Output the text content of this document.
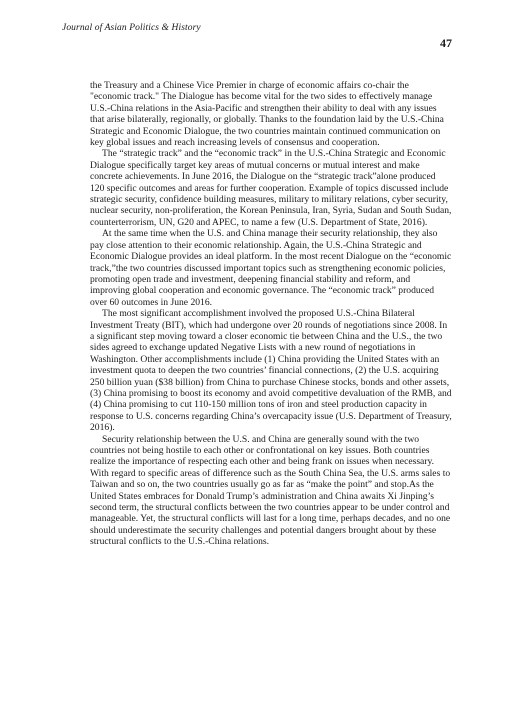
Journal of Asian Politics & History
47

the Treasury and a Chinese Vice Premier in charge of economic affairs co-chair the "economic track." The Dialogue has become vital for the two sides to effectively manage U.S.-China relations in the Asia-Pacific and strengthen their ability to deal with any issues that arise bilaterally, regionally, or globally. Thanks to the foundation laid by the U.S.-China Strategic and Economic Dialogue, the two countries maintain continued communication on key global issues and reach increasing levels of consensus and cooperation.

The “strategic track” and the “economic track” in the U.S.-China Strategic and Economic Dialogue specifically target key areas of mutual concerns or mutual interest and make concrete achievements. In June 2016, the Dialogue on the “strategic track”alone produced 120 specific outcomes and areas for further cooperation. Example of topics discussed include strategic security, confidence building measures, military to military relations, cyber security, nuclear security, non-proliferation, the Korean Peninsula, Iran, Syria, Sudan and South Sudan, counterterrorism, UN, G20 and APEC, to name a few (U.S. Department of State, 2016).

At the same time when the U.S. and China manage their security relationship, they also pay close attention to their economic relationship. Again, the U.S.-China Strategic and Economic Dialogue provides an ideal platform. In the most recent Dialogue on the “economic track,”the two countries discussed important topics such as strengthening economic policies, promoting open trade and investment, deepening financial stability and reform, and improving global cooperation and economic governance. The “economic track” produced over 60 outcomes in June 2016.

The most significant accomplishment involved the proposed U.S.-China Bilateral Investment Treaty (BIT), which had undergone over 20 rounds of negotiations since 2008. In a significant step moving toward a closer economic tie between China and the U.S., the two sides agreed to exchange updated Negative Lists with a new round of negotiations in Washington. Other accomplishments include (1) China providing the United States with an investment quota to deepen the two countries’ financial connections, (2) the U.S. acquiring 250 billion yuan ($38 billion) from China to purchase Chinese stocks, bonds and other assets, (3) China promising to boost its economy and avoid competitive devaluation of the RMB, and (4) China promising to cut 110-150 million tons of iron and steel production capacity in response to U.S. concerns regarding China’s overcapacity issue (U.S. Department of Treasury, 2016).

Security relationship between the U.S. and China are generally sound with the two countries not being hostile to each other or confrontational on key issues. Both countries realize the importance of respecting each other and being frank on issues when necessary. With regard to specific areas of difference such as the South China Sea, the U.S. arms sales to Taiwan and so on, the two countries usually go as far as “make the point” and stop.As the United States embraces for Donald Trump’s administration and China awaits Xi Jinping’s second term, the structural conflicts between the two countries appear to be under control and manageable. Yet, the structural conflicts will last for a long time, perhaps decades, and no one should underestimate the security challenges and potential dangers brought about by these structural conflicts to the U.S.-China relations.
